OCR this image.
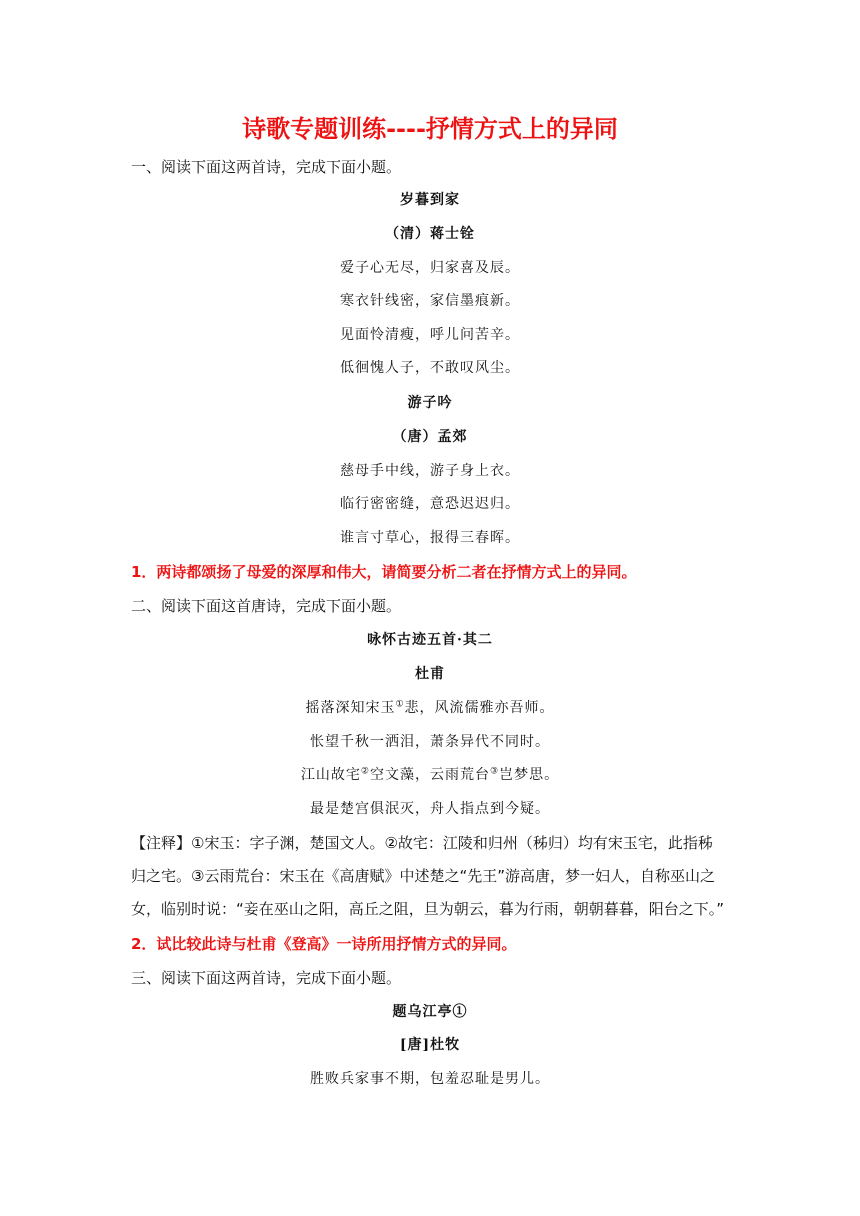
诗歌专题训练----抒情方式上的异同
一、阅读下面这两首诗，完成下面小题。
岁暮到家
（清）蒋士铨
爱子心无尽，归家喜及辰。
寒衣针线密，家信墨痕新。
见面怜清瘦，呼儿问苦辛。
低徊愧人子，不敢叹风尘。
游子吟
（唐）孟郊
慈母手中线，游子身上衣。
临行密密缝，意恐迟迟归。
谁言寸草心，报得三春晖。
1．两诗都颂扬了母爱的深厚和伟大，请简要分析二者在抒情方式上的异同。
二、阅读下面这首唐诗，完成下面小题。
咏怀古迹五首·其二
杜甫
摇落深知宋玉①悲，风流儒雅亦吾师。
怅望千秋一洒泪，萧条异代不同时。
江山故宅②空文藻，云雨荒台③岂梦思。
最是楚宫俱泯灭，舟人指点到今疑。
【注释】①宋玉：字子渊，楚国文人。②故宅：江陵和归州（秭归）均有宋玉宅，此指秭
归之宅。③云雨荒台：宋玉在《高唐赋》中述楚之“先王”游高唐，梦一妇人，自称巫山之
女，临别时说：“妾在巫山之阳，高丘之阻，旦为朝云，暮为行雨，朝朝暮暮，阳台之下。”
2．试比较此诗与杜甫《登高》一诗所用抒情方式的异同。
三、阅读下面这两首诗，完成下面小题。
题乌江亭①
[唐]杜牧
胜败兵家事不期，包羞忍耻是男儿。
